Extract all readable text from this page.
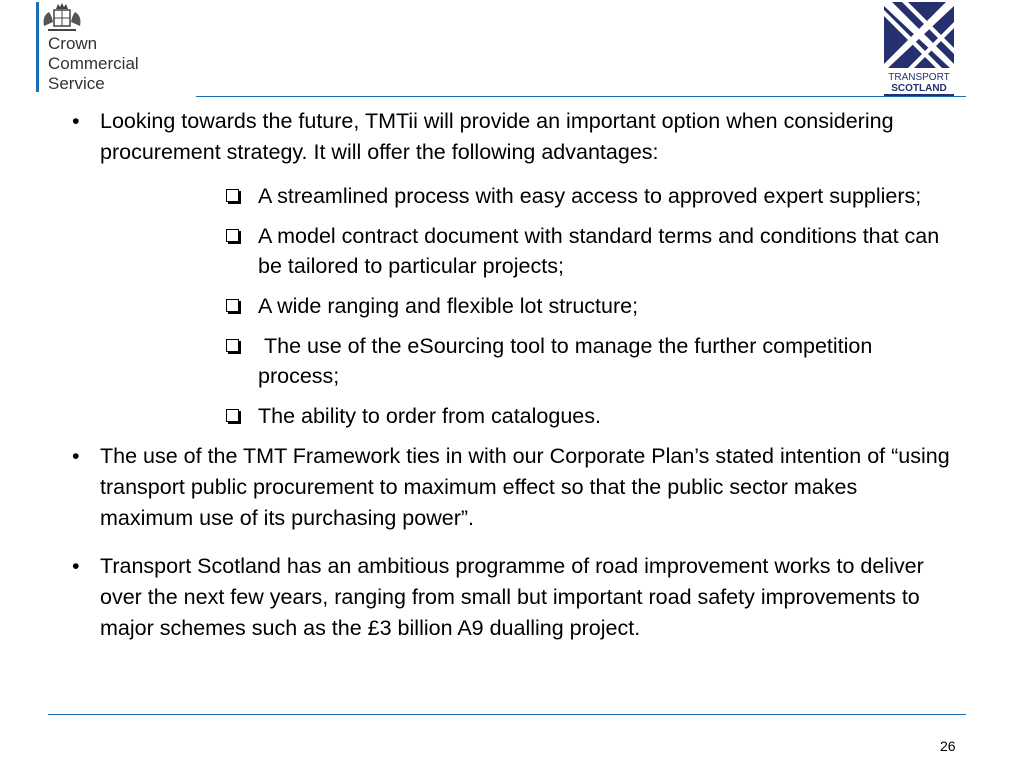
Crown
Commercial
Service	TRANSPORT
SCOTLAND
• Looking towards the future, TMTii will provide an important option when considering procurement strategy. It will offer the following advantages:
A streamlined process with easy access to approved expert suppliers;
A model contract document with standard terms and conditions that can be tailored to particular projects;
A wide ranging and flexible lot structure;
The use of the eSourcing tool to manage the further competition process;
The ability to order from catalogues.
• The use of the TMT Framework ties in with our Corporate Plan’s stated intention of “using transport public procurement to maximum effect so that the public sector makes maximum use of its purchasing power”.
• Transport Scotland has an ambitious programme of road improvement works to deliver over the next few years, ranging from small but important road safety improvements to major schemes such as the £3 billion A9 dualling project.
26
